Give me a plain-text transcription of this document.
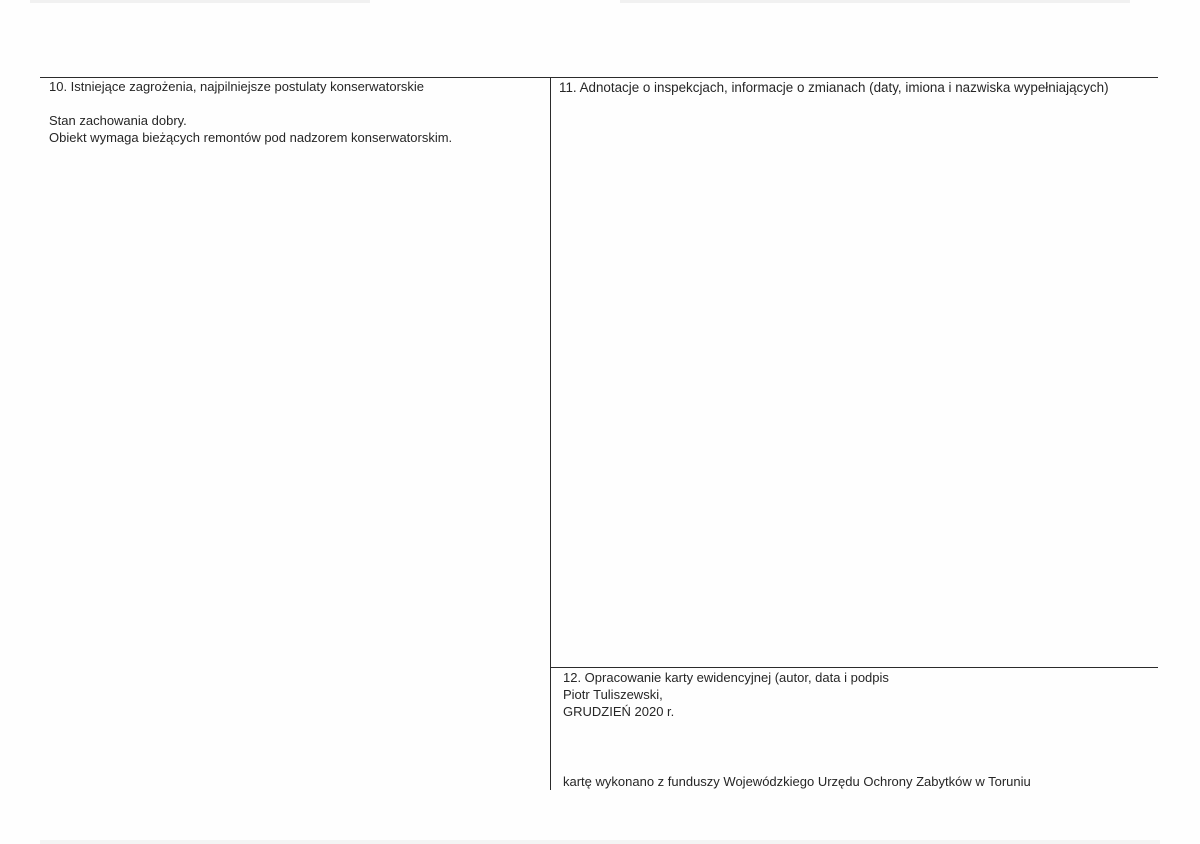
10. Istniejące zagrożenia, najpilniejsze postulaty konserwatorskie
Stan zachowania dobry.
Obiekt wymaga bieżących remontów pod nadzorem konserwatorskim.
11. Adnotacje o inspekcjach, informacje o zmianach (daty, imiona i nazwiska wypełniających)
12. Opracowanie karty ewidencyjnej (autor, data i podpis
Piotr Tuliszewski,
GRUDZIEŃ 2020 r.
kartę wykonano z funduszy Wojewódzkiego Urzędu Ochrony Zabytków w Toruniu
